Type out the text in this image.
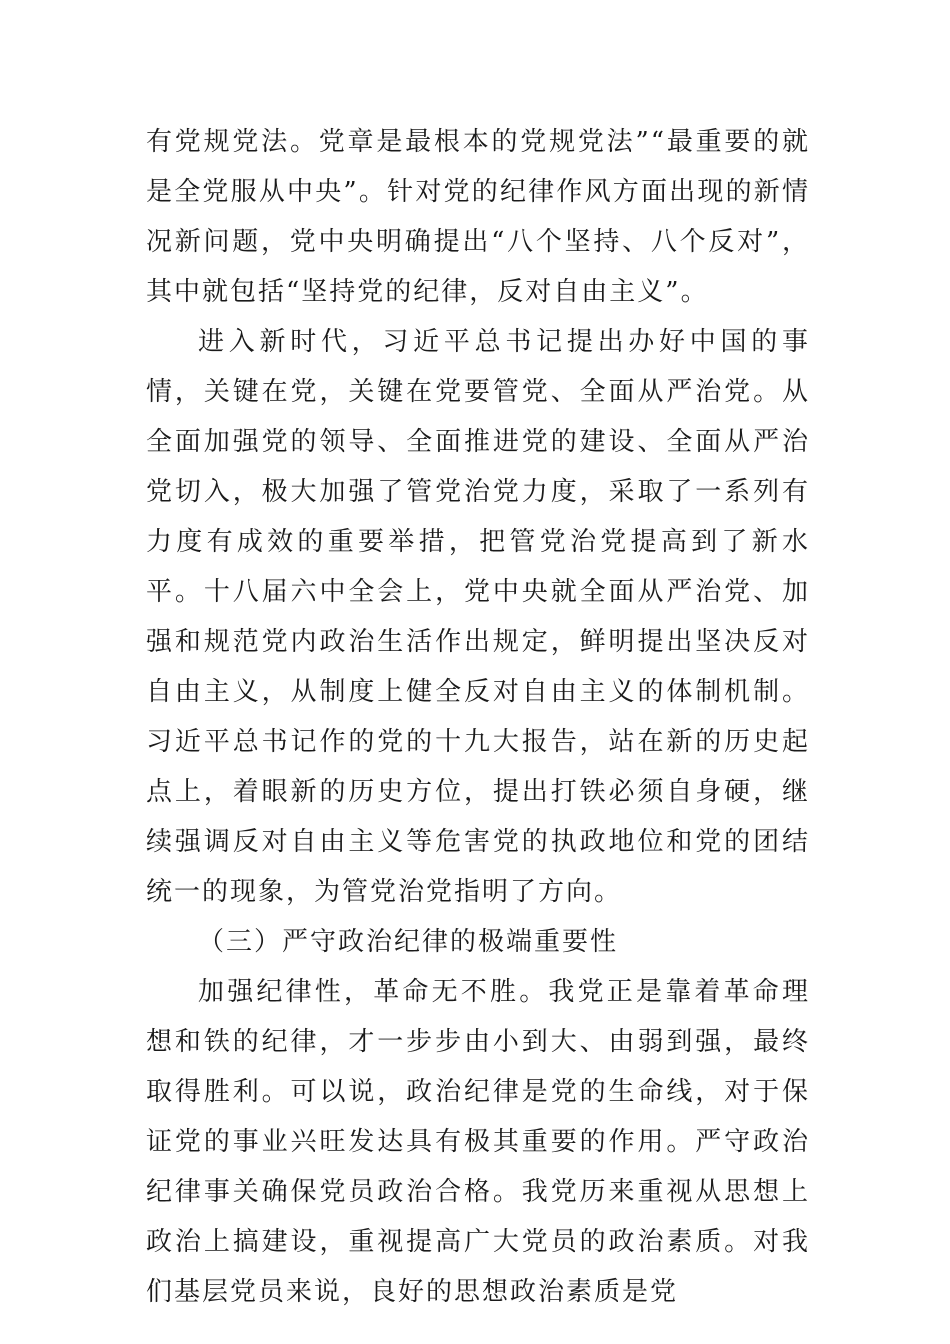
有党规党法。党章是最根本的党规党法”“最重要的就是全党服从中央”。针对党的纪律作风方面出现的新情况新问题，党中央明确提出“八个坚持、八个反对”，其中就包括“坚持党的纪律，反对自由主义”。

进入新时代，习近平总书记提出办好中国的事情，关键在党，关键在党要管党、全面从严治党。从全面加强党的领导、全面推进党的建设、全面从严治党切入，极大加强了管党治党力度，采取了一系列有力度有成效的重要举措，把管党治党提高到了新水平。十八届六中全会上，党中央就全面从严治党、加强和规范党内政治生活作出规定，鲜明提出坚决反对自由主义，从制度上健全反对自由主义的体制机制。习近平总书记作的党的十九大报告，站在新的历史起点上，着眼新的历史方位，提出打铁必须自身硬，继续强调反对自由主义等危害党的执政地位和党的团结统一的现象，为管党治党指明了方向。

（三）严守政治纪律的极端重要性

加强纪律性，革命无不胜。我党正是靠着革命理想和铁的纪律，才一步步由小到大、由弱到强，最终取得胜利。可以说，政治纪律是党的生命线，对于保证党的事业兴旺发达具有极其重要的作用。严守政治纪律事关确保党员政治合格。我党历来重视从思想上政治上搞建设，重视提高广大党员的政治素质。对我们基层党员来说，良好的思想政治素质是党
